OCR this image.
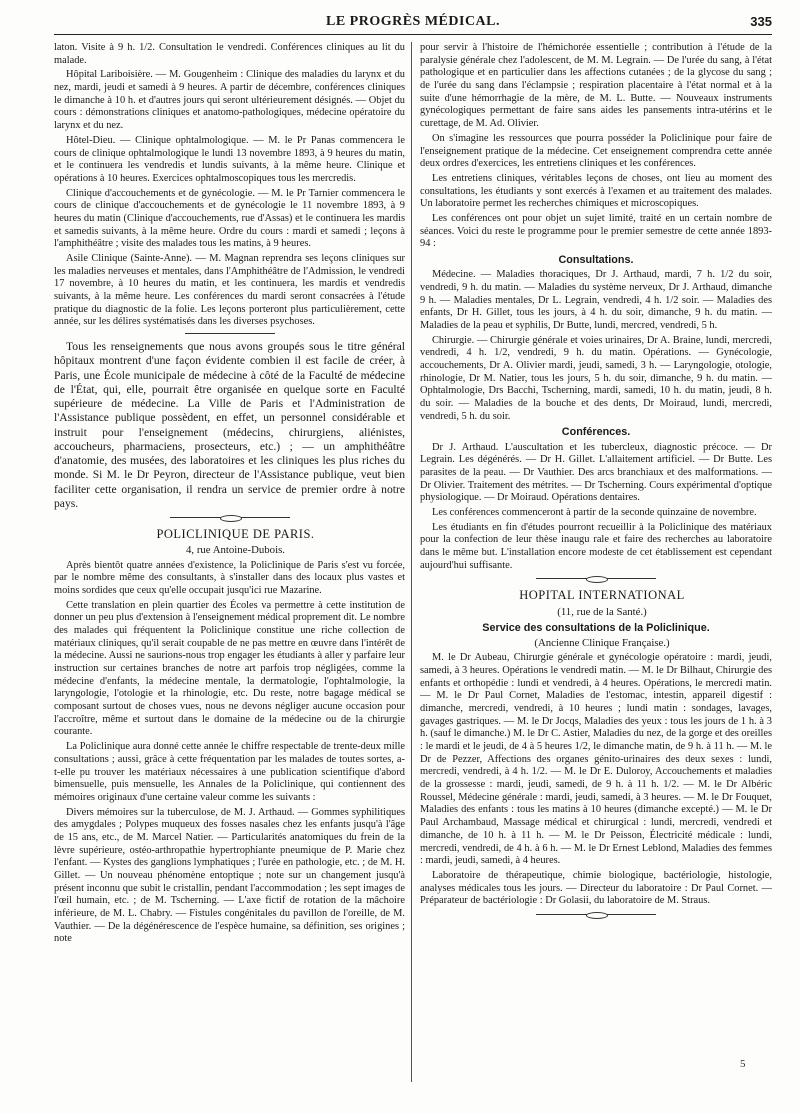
LE PROGRÈS MÉDICAL.	335

laton. Visite à 9 h. 1/2. Consultation le vendredi. Conférences cliniques au lit du malade.

Hôpital Lariboisière. — M. Gougenheim : Clinique des maladies du larynx et du nez, mardi, jeudi et samedi à 9 heures. A partir de décembre, conférences cliniques le dimanche à 10 h. et d'autres jours qui seront ultérieurement désignés. — Objet du cours : démonstrations cliniques et anatomo-pathologiques, médecine opératoire du larynx et du nez.

Hôtel-Dieu. — Clinique ophtalmologique. — M. le Pr Panas commencera le cours de clinique ophtalmologique le lundi 13 novembre 1893, à 9 heures du matin, et le continuera les vendredis et lundis suivants, à la même heure. Clinique et opérations à 10 heures. Exercices ophtalmoscopiques tous les mercredis.

Clinique d'accouchements et de gynécologie. — M. le Pr Tarnier commencera le cours de clinique d'accouchements et de gynécologie le 11 novembre 1893, à 9 heures du matin (Clinique d'accouchements, rue d'Assas) et le continuera les mardis et samedis suivants, à la même heure. Ordre du cours : mardi et samedi ; leçons à l'amphithéâtre ; visite des malades tous les matins, à 9 heures.

Asile Clinique (Sainte-Anne). — M. Magnan reprendra ses leçons cliniques sur les maladies nerveuses et mentales, dans l'Amphithéâtre de l'Admission, le vendredi 17 novembre, à 10 heures du matin, et les continuera, les mardis et vendredis suivants, à la même heure. Les conférences du mardi seront consacrées à l'étude pratique du diagnostic de la folie. Les leçons porteront plus particulièrement, cette année, sur les délires systématisés dans les diverses psychoses.

Tous les renseignements que nous avons groupés sous le titre général hôpitaux montrent d'une façon évidente combien il est facile de créer, à Paris, une École municipale de médecine à côté de la Faculté de médecine de l'État, qui, elle, pourrait être organisée en quelque sorte en Faculté supérieure de médecine. La Ville de Paris et l'Administration de l'Assistance publique possèdent, en effet, un personnel considérable et instruit pour l'enseignement (médecins, chirurgiens, aliénistes, accoucheurs, pharmaciens, prosecteurs, etc.) ; — un amphithéâtre d'anatomie, des musées, des laboratoires et les cliniques les plus riches du monde. Si M. le Dr Peyron, directeur de l'Assistance publique, veut bien faciliter cette organisation, il rendra un service de premier ordre à notre pays.

POLICLINIQUE DE PARIS.

4, rue Antoine-Dubois.

Après bientôt quatre années d'existence, la Policlinique de Paris s'est vu forcée, par le nombre même des consultants, à s'installer dans des locaux plus vastes et moins sordides que ceux qu'elle occupait jusqu'ici rue Mazarine.

Cette translation en plein quartier des Écoles va permettre à cette institution de donner un peu plus d'extension à l'enseignement médical proprement dit. Le nombre des malades qui fréquentent la Policlinique constitue une riche collection de matériaux cliniques, qu'il serait coupable de ne pas mettre en œuvre dans l'intérêt de la médecine. Aussi ne saurions-nous trop engager les étudiants à aller y parfaire leur instruction sur certaines branches de notre art parfois trop négligées, comme la médecine d'enfants, la médecine mentale, la dermatologie, l'ophtalmologie, la laryngologie, l'otologie et la rhinologie, etc. Du reste, notre bagage médical se composant surtout de choses vues, nous ne devons négliger aucune occasion pour l'accroître, même et surtout dans le domaine de la médecine ou de la chirurgie courante.

La Policlinique aura donné cette année le chiffre respectable de trente-deux mille consultations ; aussi, grâce à cette fréquentation par les malades de toutes sortes, a-t-elle pu trouver les matériaux nécessaires à une publication scientifique d'abord bimensuelle, puis mensuelle, les Annales de la Policlinique, qui contiennent des mémoires originaux d'une certaine valeur comme les suivants :

Divers mémoires sur la tuberculose, de M. J. Arthaud. — Gommes syphilitiques des amygdales ; Polypes muqueux des fosses nasales chez les enfants jusqu'à l'âge de 15 ans, etc., de M. Marcel Natier. — Particularités anatomiques du frein de la lèvre supérieure, ostéo-arthropathie hypertrophiante pneumique de P. Marie chez l'enfant. — Kystes des ganglions lymphatiques ; l'urée en pathologie, etc. ; de M. H. Gillet. — Un nouveau phénomène entoptique ; note sur un changement jusqu'à présent inconnu que subit le cristallin, pendant l'accommodation ; les sept images de l'œil humain, etc. ; de M. Tscherning. — L'axe fictif de rotation de la mâchoire inférieure, de M. L. Chabry. — Fistules congénitales du pavillon de l'oreille, de M. Vauthier. — De la dégénérescence de l'espèce humaine, sa définition, ses origines ; note

pour servir à l'histoire de l'hémichorée essentielle ; contribution à l'étude de la paralysie générale chez l'adolescent, de M. M. Legrain. — De l'urée du sang, à l'état pathologique et en particulier dans les affections cutanées ; de la glycose du sang ; de l'urée du sang dans l'éclampsie ; respiration placentaire à l'état normal et à la suite d'une hémorrhagie de la mère, de M. L. Butte. — Nouveaux instruments gynécologiques permettant de faire sans aides les pansements intra-utérins et le curettage, de M. Ad. Olivier.

On s'imagine les ressources que pourra posséder la Policlinique pour faire de l'enseignement pratique de la médecine. Cet enseignement comprendra cette année deux ordres d'exercices, les entretiens cliniques et les conférences.

Les entretiens cliniques, véritables leçons de choses, ont lieu au moment des consultations, les étudiants y sont exercés à l'examen et au traitement des malades. Un laboratoire permet les recherches chimiques et microscopiques.

Les conférences ont pour objet un sujet limité, traité en un certain nombre de séances. Voici du reste le programme pour le premier semestre de cette année 1893-94 :

Consultations.

Médecine. — Maladies thoraciques, Dr J. Arthaud, mardi, 7 h. 1/2 du soir, vendredi, 9 h. du matin. — Maladies du système nerveux, Dr J. Arthaud, dimanche 9 h. — Maladies mentales, Dr L. Legrain, vendredi, 4 h. 1/2 soir. — Maladies des enfants, Dr H. Gillet, tous les jours, à 4 h. du soir, dimanche, 9 h. du matin. — Maladies de la peau et syphilis, Dr Butte, lundi, mercred, vendredi, 5 h.

Chirurgie. — Chirurgie générale et voies urinaires, Dr A. Braine, lundi, mercredi, vendredi, 4 h. 1/2, vendredi, 9 h. du matin. Opérations. — Gynécologie, accouchements, Dr A. Olivier mardi, jeudi, samedi, 3 h. — Laryngologie, otologie, rhinologie, Dr M. Natier, tous les jours, 5 h. du soir, dimanche, 9 h. du matin. — Ophtalmologie, Drs Bacchi, Tscherning, mardi, samedi, 10 h. du matin, jeudi, 8 h. du soir. — Maladies de la bouche et des dents, Dr Moiraud, lundi, mercredi, vendredi, 5 h. du soir.

Conférences.

Dr J. Arthaud. L'auscultation et les tubercleux, diagnostic précoce. — Dr Legrain. Les dégénérés. — Dr H. Gillet. L'allaitement artificiel. — Dr Butte. Les parasites de la peau. — Dr Vauthier. Des arcs branchiaux et des malformations. — Dr Olivier. Traitement des métrites. — Dr Tscherning. Cours expérimental d'optique physiologique. — Dr Moiraud. Opérations dentaires.

Les conférences commenceront à partir de la seconde quinzaine de novembre.

Les étudiants en fin d'études pourront recueillir à la Policlinique des matériaux pour la confection de leur thèse inaugu rale et faire des recherches au laboratoire dans le même but. L'installation encore modeste de cet établissement est cependant aujourd'hui suffisante.

HOPITAL INTERNATIONAL

(11, rue de la Santé.)

Service des consultations de la Policlinique.

(Ancienne Clinique Française.)

M. le Dr Aubeau, Chirurgie générale et gynécologie opératoire : mardi, jeudi, samedi, à 3 heures. Opérations le vendredi matin. — M. le Dr Bilhaut, Chirurgie des enfants et orthopédie : lundi et vendredi, à 4 heures. Opérations, le mercredi matin. — M. le Dr Paul Cornet, Maladies de l'estomac, intestin, appareil digestif : dimanche, mercredi, vendredi, à 10 heures ; lundi matin : sondages, lavages, gavages gastriques. — M. le Dr Jocqs, Maladies des yeux : tous les jours de 1 h. à 3 h. (sauf le dimanche.) M. le Dr C. Astier, Maladies du nez, de la gorge et des oreilles : le mardi et le jeudi, de 4 à 5 heures 1/2, le dimanche matin, de 9 h. à 11 h. — M. le Dr de Pezzer, Affections des organes génito-urinaires des deux sexes : lundi, mercredi, vendredi, à 4 h. 1/2. — M. le Dr E. Duloroy, Accouchements et maladies de la grossesse : mardi, jeudi, samedi, de 9 h. à 11 h. 1/2. — M. le Dr Albéric Roussel, Médecine générale : mardi, jeudi, samedi, à 3 heures. — M. le Dr Fouquet, Maladies des enfants : tous les matins à 10 heures (dimanche excepté.) — M. le Dr Paul Archambaud, Massage médical et chirurgical : lundi, mercredi, vendredi et dimanche, de 10 h. à 11 h. — M. le Dr Peisson, Électricité médicale : lundi, mercredi, vendredi, de 4 h. à 6 h. — M. le Dr Ernest Leblond, Maladies des femmes : mardi, jeudi, samedi, à 4 heures.

Laboratoire de thérapeutique, chimie biologique, bactériologie, histologie, analyses médicales tous les jours. — Directeur du laboratoire : Dr Paul Cornet. — Préparateur de bactériologie : Dr Golasii, du laboratoire de M. Straus.

5
